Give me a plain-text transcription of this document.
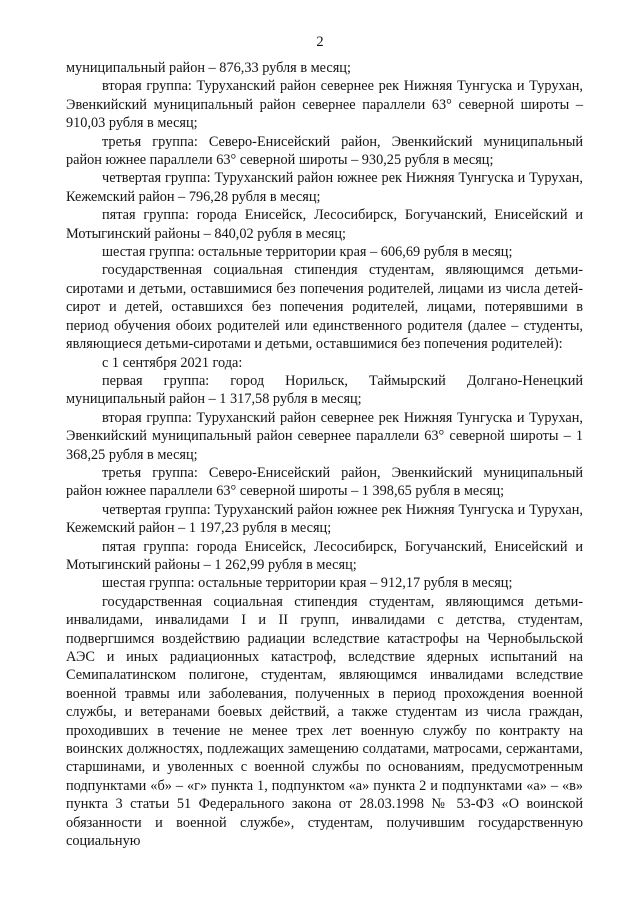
2

муниципальный район – 876,33 рубля в месяц;

вторая группа: Туруханский район севернее рек Нижняя Тунгуска и Турухан, Эвенкийский муниципальный район севернее параллели 63° северной широты – 910,03 рубля в месяц;

третья группа: Северо-Енисейский район, Эвенкийский муниципальный район южнее параллели 63° северной широты – 930,25 рубля в месяц;

четвертая группа: Туруханский район южнее рек Нижняя Тунгуска и Турухан, Кежемский район – 796,28 рубля в месяц;

пятая группа: города Енисейск, Лесосибирск, Богучанский, Енисейский и Мотыгинский районы – 840,02 рубля в месяц;

шестая группа: остальные территории края – 606,69 рубля в месяц;

государственная социальная стипендия студентам, являющимся детьми-сиротами и детьми, оставшимися без попечения родителей, лицами из числа детей-сирот и детей, оставшихся без попечения родителей, лицами, потерявшими в период обучения обоих родителей или единственного родителя (далее – студенты, являющиеся детьми-сиротами и детьми, оставшимися без попечения родителей):

с 1 сентября 2021 года:

первая группа: город Норильск, Таймырский Долгано-Ненецкий муниципальный район – 1 317,58 рубля в месяц;

вторая группа: Туруханский район севернее рек Нижняя Тунгуска и Турухан, Эвенкийский муниципальный район севернее параллели 63° северной широты – 1 368,25 рубля в месяц;

третья группа: Северо-Енисейский район, Эвенкийский муниципальный район южнее параллели 63° северной широты – 1 398,65 рубля в месяц;

четвертая группа: Туруханский район южнее рек Нижняя Тунгуска и Турухан, Кежемский район – 1 197,23 рубля в месяц;

пятая группа: города Енисейск, Лесосибирск, Богучанский, Енисейский и Мотыгинский районы – 1 262,99 рубля в месяц;

шестая группа: остальные территории края – 912,17 рубля в месяц;

государственная социальная стипендия студентам, являющимся детьми-инвалидами, инвалидами I и II групп, инвалидами с детства, студентам, подвергшимся воздействию радиации вследствие катастрофы на Чернобыльской АЭС и иных радиационных катастроф, вследствие ядерных испытаний на Семипалатинском полигоне, студентам, являющимся инвалидами вследствие военной травмы или заболевания, полученных в период прохождения военной службы, и ветеранами боевых действий, а также студентам из числа граждан, проходивших в течение не менее трех лет военную службу по контракту на воинских должностях, подлежащих замещению солдатами, матросами, сержантами, старшинами, и уволенных с военной службы по основаниям, предусмотренным подпунктами «б» – «г» пункта 1, подпунктом «а» пункта 2 и подпунктами «а» – «в» пункта 3 статьи 51 Федерального закона от 28.03.1998 № 53-ФЗ «О воинской обязанности и военной службе», студентам, получившим государственную социальную
